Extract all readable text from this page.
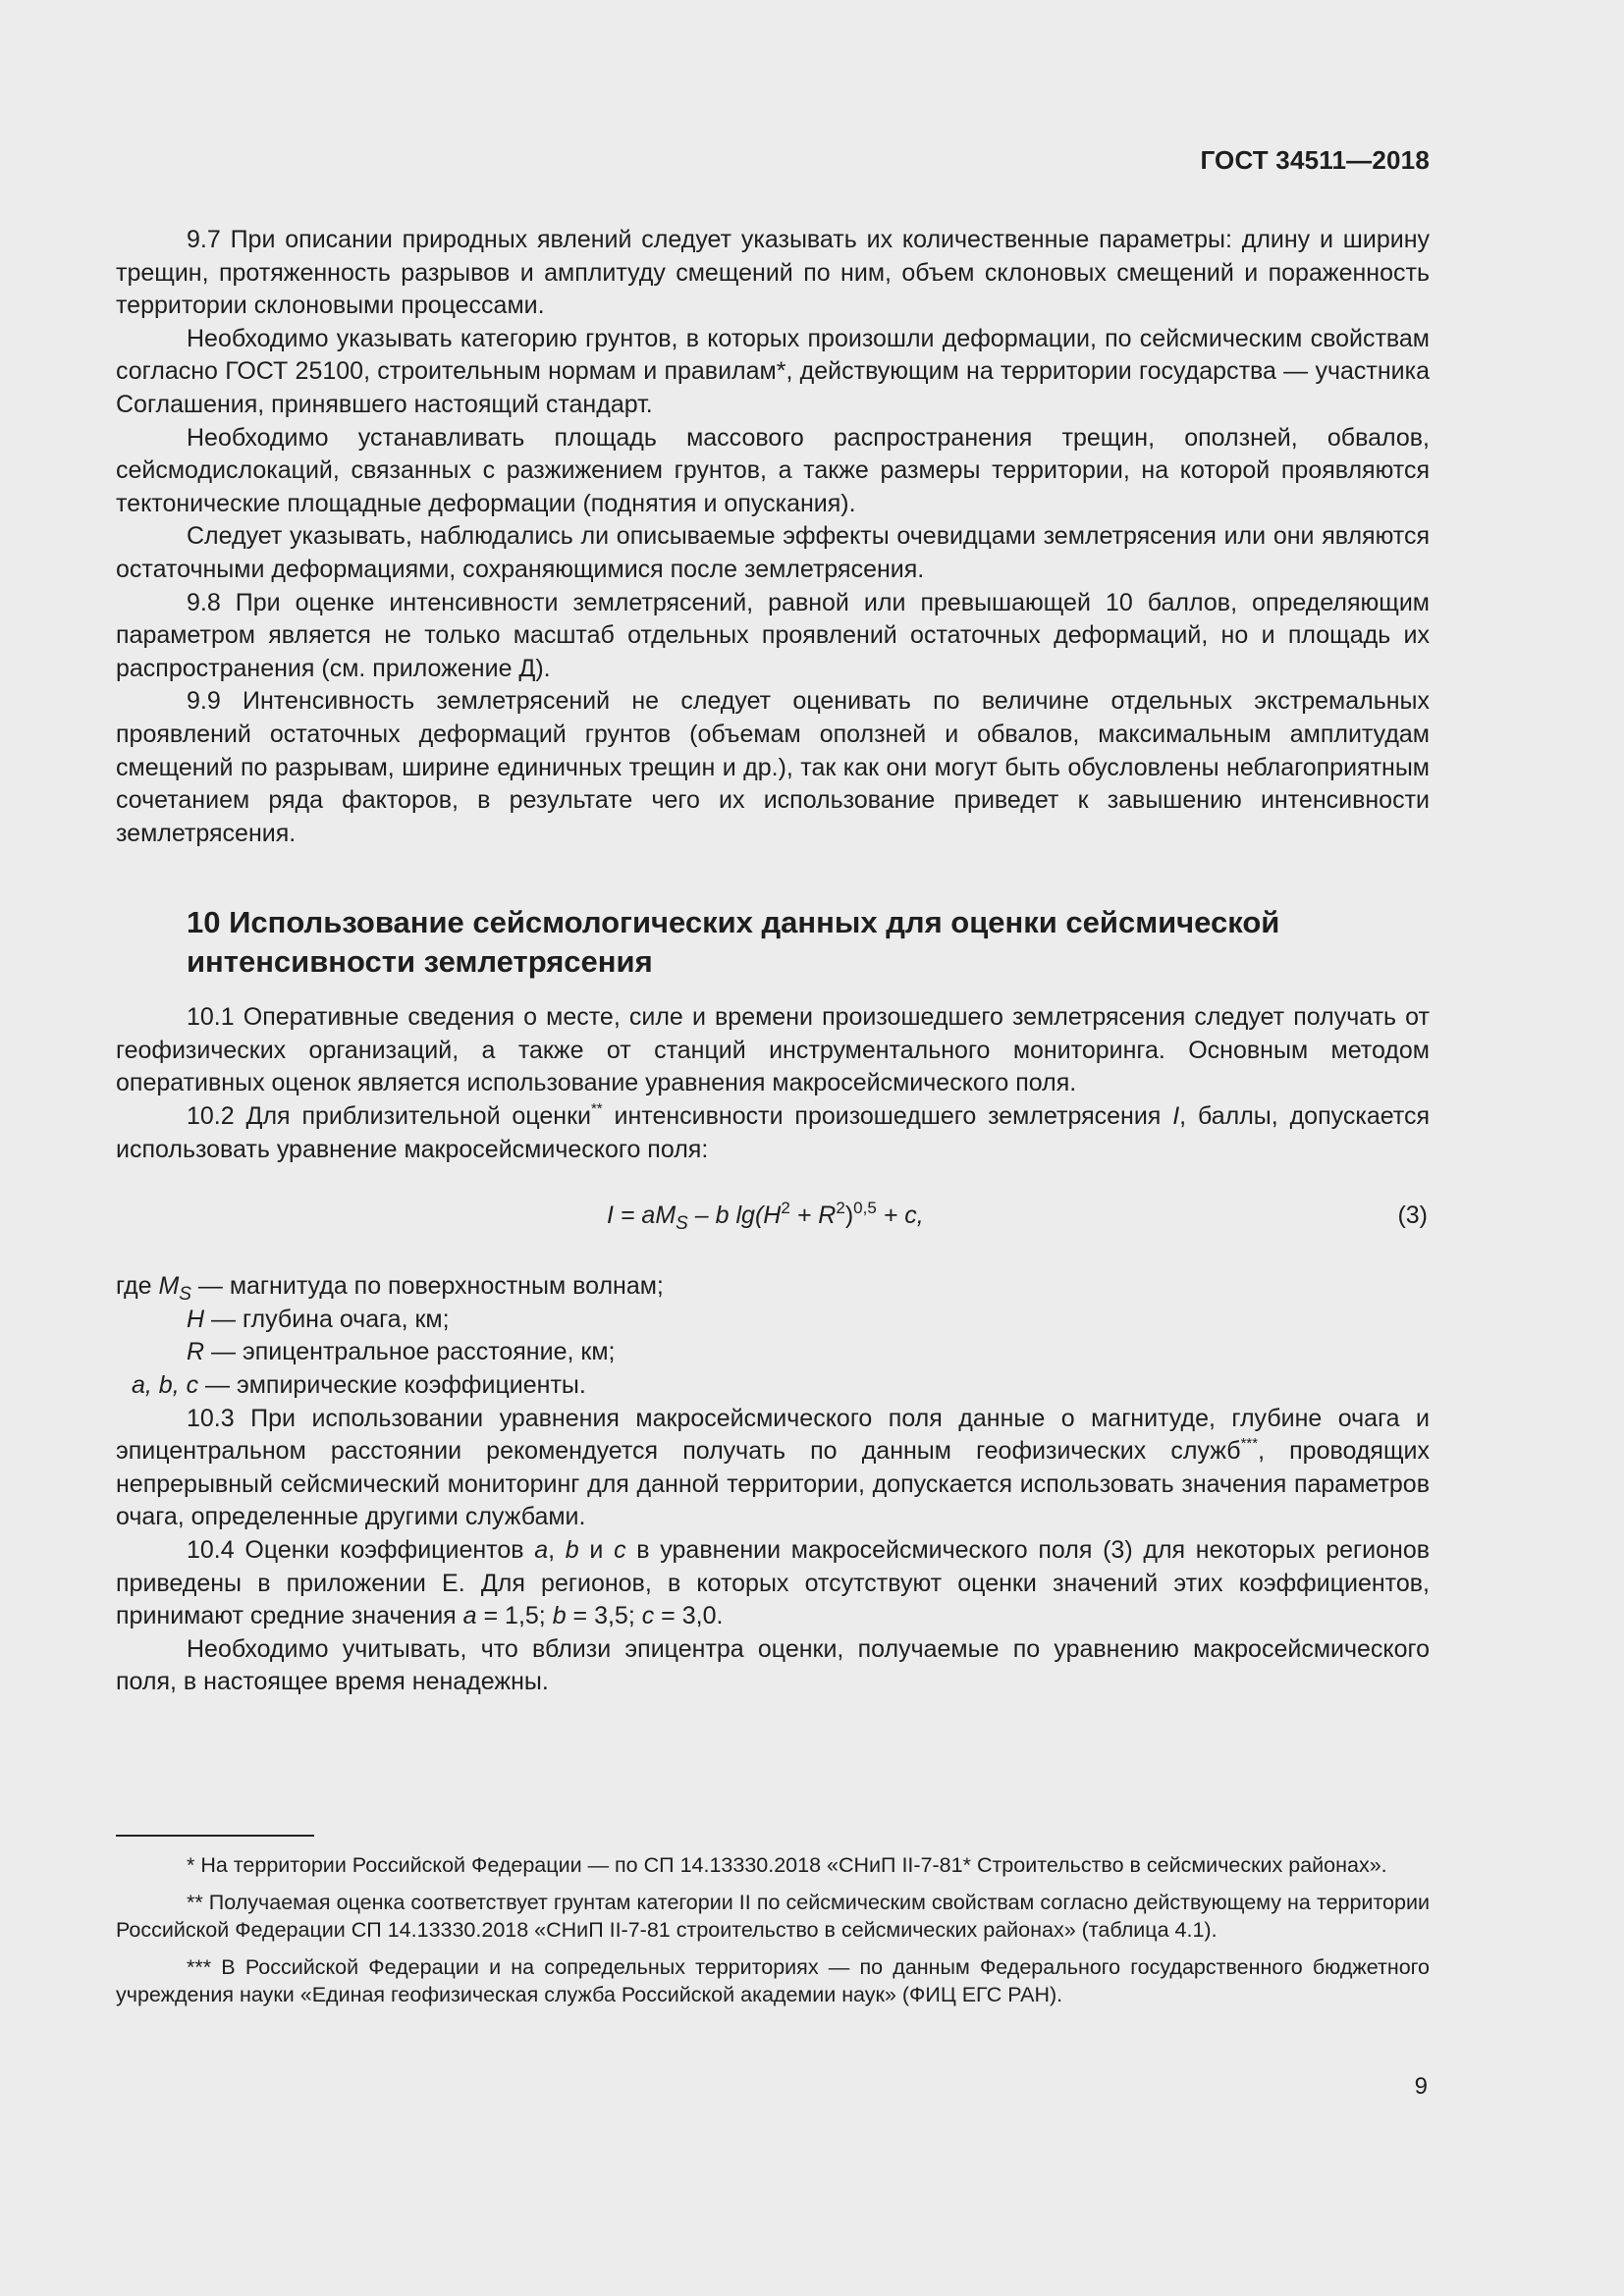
ГОСТ 34511—2018

9.7 При описании природных явлений следует указывать их количественные параметры: длину и ширину трещин, протяженность разрывов и амплитуду смещений по ним, объем склоновых смещений и пораженность территории склоновыми процессами.

Необходимо указывать категорию грунтов, в которых произошли деформации, по сейсмическим свойствам согласно ГОСТ 25100, строительным нормам и правилам*, действующим на территории государства — участника Соглашения, принявшего настоящий стандарт.

Необходимо устанавливать площадь массового распространения трещин, оползней, обвалов, сейсмодислокаций, связанных с разжижением грунтов, а также размеры территории, на которой проявляются тектонические площадные деформации (поднятия и опускания).

Следует указывать, наблюдались ли описываемые эффекты очевидцами землетрясения или они являются остаточными деформациями, сохраняющимися после землетрясения.

9.8 При оценке интенсивности землетрясений, равной или превышающей 10 баллов, определяющим параметром является не только масштаб отдельных проявлений остаточных деформаций, но и площадь их распространения (см. приложение Д).

9.9 Интенсивность землетрясений не следует оценивать по величине отдельных экстремальных проявлений остаточных деформаций грунтов (объемам оползней и обвалов, максимальным амплитудам смещений по разрывам, ширине единичных трещин и др.), так как они могут быть обусловлены неблагоприятным сочетанием ряда факторов, в результате чего их использование приведет к завышению интенсивности землетрясения.

10 Использование сейсмологических данных для оценки сейсмической
интенсивности землетрясения

10.1 Оперативные сведения о месте, силе и времени произошедшего землетрясения следует получать от геофизических организаций, а также от станций инструментального мониторинга. Основным методом оперативных оценок является использование уравнения макросейсмического поля.

10.2 Для приблизительной оценки** интенсивности произошедшего землетрясения I, баллы, допускается использовать уравнение макросейсмического поля:

$I = aM_S - b$ $\lg(H^2 + R^2)^{0,5} + c$,	(3)
где $M_S$ — магнитуда по поверхностным волнам;
H — глубина очага, км;
R — эпицентральное расстояние, км;
a, b, c — эмпирические коэффициенты.

10.3 При использовании уравнения макросейсмического поля данные о магнитуде, глубине очага и эпицентральном расстоянии рекомендуется получать по данным геофизических служб***, проводящих непрерывный сейсмический мониторинг для данной территории, допускается использовать значения параметров очага, определенные другими службами.

10.4 Оценки коэффициентов a, b и c в уравнении макросейсмического поля (3) для некоторых регионов приведены в приложении Е. Для регионов, в которых отсутствуют оценки значений этих коэффициентов, принимают средние значения a = 1,5; b = 3,5; c = 3,0.

Необходимо учитывать, что вблизи эпицентра оценки, получаемые по уравнению макросейсмического поля, в настоящее время ненадежны.

* На территории Российской Федерации — по СП 14.13330.2018 «СНиП II-7-81* Строительство в сейсмических районах».

** Получаемая оценка соответствует грунтам категории II по сейсмическим свойствам согласно действующему на территории Российской Федерации СП 14.13330.2018 «СНиП II-7-81 строительство в сейсмических районах» (таблица 4.1).

*** В Российской Федерации и на сопредельных территориях — по данным Федерального государственного бюджетного учреждения науки «Единая геофизическая служба Российской академии наук» (ФИЦ ЕГС РАН).

9
